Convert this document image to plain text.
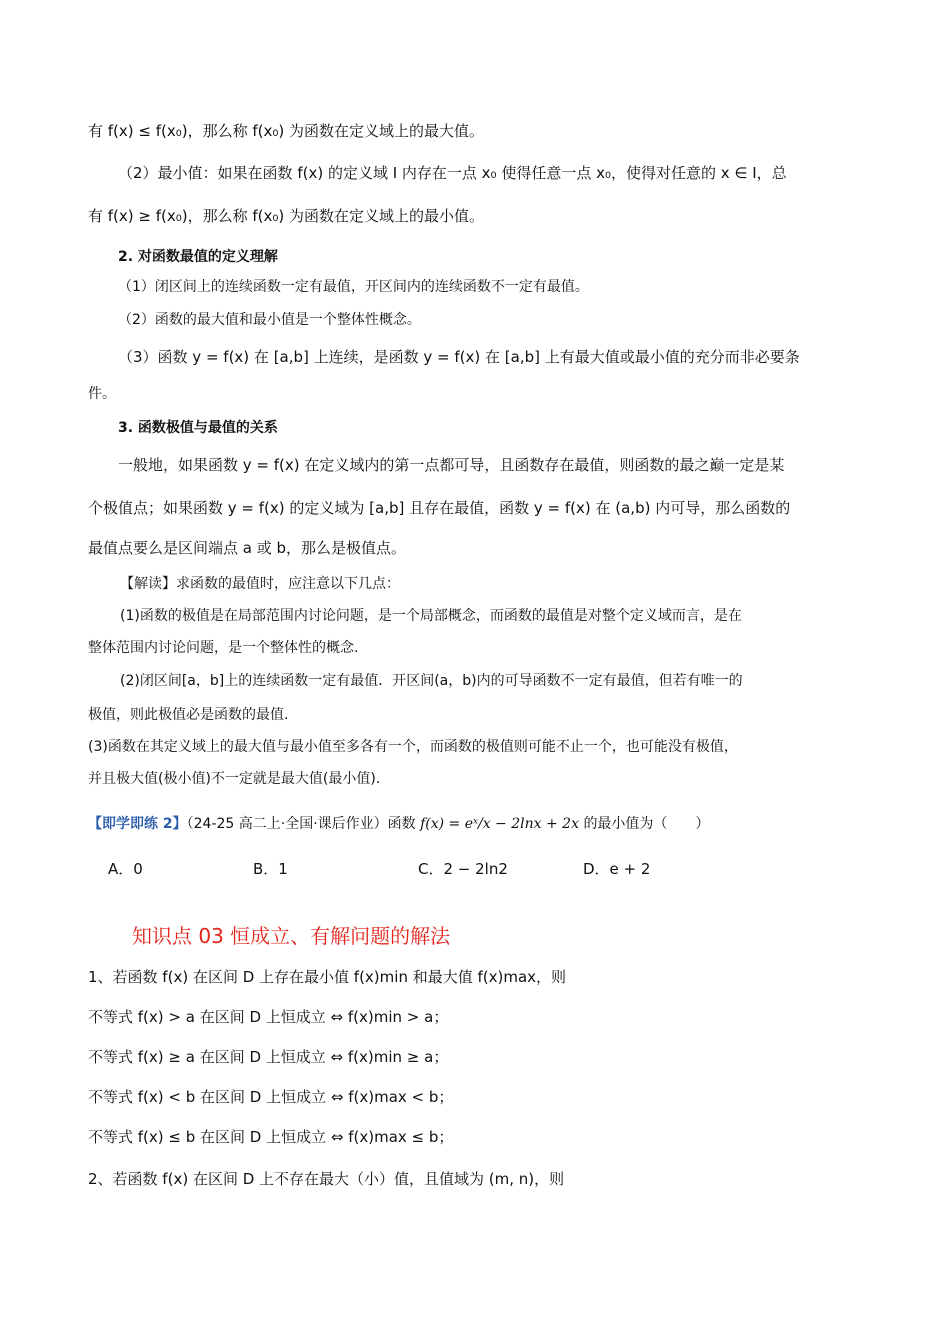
有 f(x) ≤ f(x₀)，那么称 f(x₀) 为函数在定义域上的最大值。
（2）最小值：如果在函数 f(x) 的定义域 I 内存在一点 x₀ 使得任意一点 x₀，使得对任意的 x ∈ I，总
有 f(x) ≥ f(x₀)，那么称 f(x₀) 为函数在定义域上的最小值。
2. 对函数最值的定义理解
（1）闭区间上的连续函数一定有最值，开区间内的连续函数不一定有最值。
（2）函数的最大值和最小值是一个整体性概念。
（3）函数 y = f(x) 在 [a,b] 上连续，是函数 y = f(x) 在 [a,b] 上有最大值或最小值的充分而非必要条
件。
3. 函数极值与最值的关系
一般地，如果函数 y = f(x) 在定义域内的第一点都可导，且函数存在最值，则函数的最之巅一定是某
个极值点；如果函数 y = f(x) 的定义域为 [a,b] 且存在最值，函数 y = f(x) 在 (a,b) 内可导，那么函数的
最值点要么是区间端点 a 或 b，那么是极值点。
【解读】求函数的最值时，应注意以下几点：
(1)函数的极值是在局部范围内讨论问题，是一个局部概念，而函数的最值是对整个定义域而言，是在
整体范围内讨论问题，是一个整体性的概念.
(2)闭区间[a，b]上的连续函数一定有最值．开区间(a，b)内的可导函数不一定有最值，但若有唯一的
极值，则此极值必是函数的最值.
(3)函数在其定义域上的最大值与最小值至多各有一个，而函数的极值则可能不止一个，也可能没有极值，
并且极大值(极小值)不一定就是最大值(最小值).
【即学即练 2】（24-25 高二上·全国·课后作业）函数 f(x) = eˣ/x − 2lnx + 2x 的最小值为（　　）
A．0	B．1	C．2 − 2ln2	D．e + 2
知识点 03 恒成立、有解问题的解法
1、若函数 f(x) 在区间 D 上存在最小值 f(x)min 和最大值 f(x)max，则
不等式 f(x) > a 在区间 D 上恒成立 ⇔ f(x)min > a；
不等式 f(x) ≥ a 在区间 D 上恒成立 ⇔ f(x)min ≥ a；
不等式 f(x) < b 在区间 D 上恒成立 ⇔ f(x)max < b；
不等式 f(x) ≤ b 在区间 D 上恒成立 ⇔ f(x)max ≤ b；
2、若函数 f(x) 在区间 D 上不存在最大（小）值，且值域为 (m, n)，则
